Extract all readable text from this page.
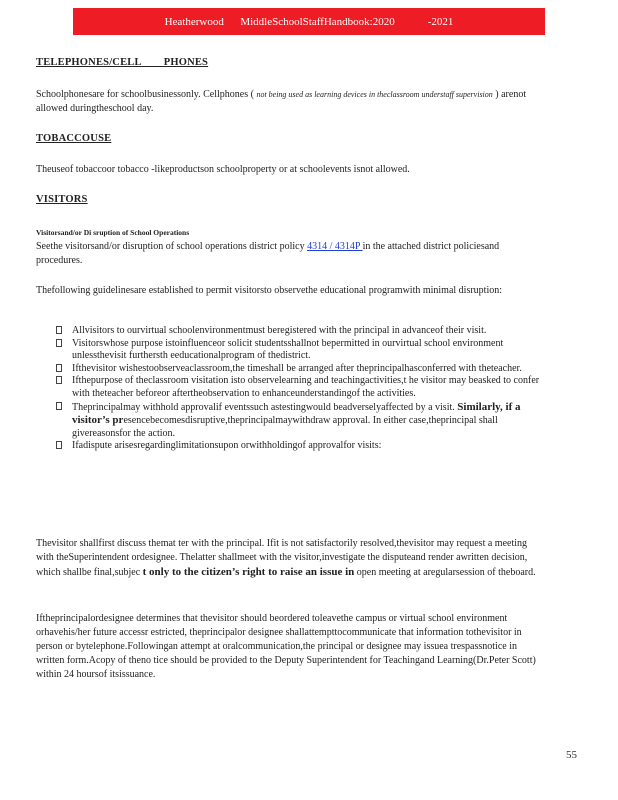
Heatherwood      MiddleSchoolStaffHandbook:2020            -2021
TELEPHONES/CELL        PHONES
Schoolphonesare for schoolbusinessonly. Cellphones ( not being used as learning devices in theclassroom understaff supervision ) arenot allowed duringtheschool day.
TOBACCOUSE
Theuseof tobaccoor tobacco -likeproductson schoolproperty or at schoolevents isnot allowed.
VISITORS
Visitorsand/or Di sruption of School Operations
Seethe visitorsand/or disruption of school operations district policy 4314 / 4314P in the attached district policiesand procedures.
Thefollowing guidelinesare established to permit visitorsto observethe educational programwith minimal disruption:
Allvisitors to ourvirtual schoolenvironmentmust beregistered with the principal in advanceof their visit.
Visitorswhose purpose istoinfluenceor solicit studentsshallnot bepermitted in ourvirtual school environment unlessthevisit furthersth eeducationalprogram of thedistrict.
Ifthevisitor wishestoobserveaclassroom,the timeshall be arranged after theprincipalhasconferred with theteacher.
Ifthepurpose of theclassroom visitation isto observelearning and teachingactivities,t he visitor may beasked to confer with theteacher beforeor aftertheobservation to enhanceunderstandingof the activities.
Theprincipalmay withhold approvalif eventssuch astestingwould beadverselyaffected by a visit. Similarly, if a visitor’s presencebecomesdisruptive,theprincipalmaywithdraw approval. In either case,theprincipal shall givereasonsfor the action.
Ifadispute arisesregardinglimitationsupon orwithholdingof approvalfor visits:
Thevisitor shallfirst discuss themat ter with the principal. Ifit is not satisfactorily resolved,thevisitor may request a meeting with theSuperintendent ordesignee. Thelatter shallmeet with the visitor,investigate the disputeand render awritten decision, which shallbe final,subjec t only to the citizen’s right to raise an issue in open meeting at aregularsession of theboard.
Iftheprincipalordesignee determines that thevisitor should beordered toleavethe campus or virtual school environment orhavehis/her future accessr estricted, theprincipalor designee shallattempttocommunicate that information tothevisitor in person or bytelephone.Followingan attempt at oralcommunication,the principal or designee may issuea trespassnotice in written form.Acopy of theno tice should be provided to the Deputy Superintendent for Teachingand Learning(Dr.Peter Scott) within 24 hoursof itsissuance.
55
